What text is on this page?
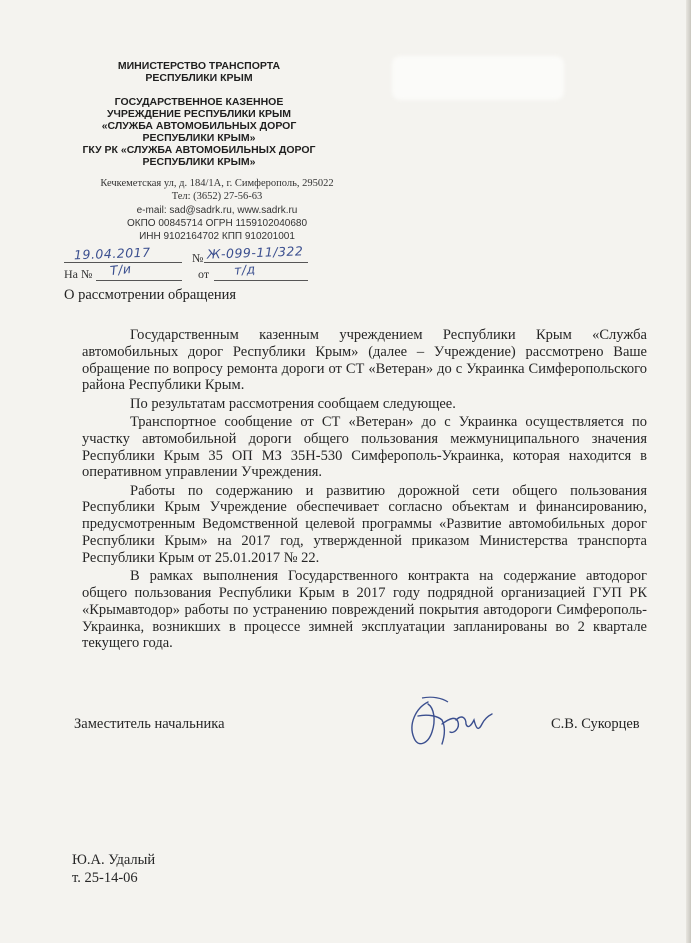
МИНИСТЕРСТВО ТРАНСПОРТА
РЕСПУБЛИКИ КРЫМ
ГОСУДАРСТВЕННОЕ КАЗЕННОЕ
УЧРЕЖДЕНИЕ РЕСПУБЛИКИ КРЫМ
«СЛУЖБА АВТОМОБИЛЬНЫХ ДОРОГ
РЕСПУБЛИКИ КРЫМ»
ГКУ РК «СЛУЖБА АВТОМОБИЛЬНЫХ ДОРОГ
РЕСПУБЛИКИ КРЫМ»
Кечкеметская ул, д. 184/1А, г. Симферополь, 295022
Тел: (3652) 27-56-63
e-mail: sad@sadrk.ru, www.sadrk.ru
ОКПО 00845714 ОГРН 1159102040680
ИНН 9102164702 КПП 910201001
19.04.2017	№ Ж-099-11/322
На № Т/и	от т/д
О рассмотрении обращения

Государственным казенным учреждением Республики Крым «Служба автомобильных дорог Республики Крым» (далее – Учреждение) рассмотрено Ваше обращение по вопросу ремонта дороги от СТ «Ветеран» до с Украинка Симферопольского района Республики Крым.

По результатам рассмотрения сообщаем следующее.

Транспортное сообщение от СТ «Ветеран» до с Украинка осуществляется по участку автомобильной дороги общего пользования межмуниципального значения Республики Крым 35 ОП МЗ 35Н-530 Симферополь-Украинка, которая находится в оперативном управлении Учреждения.

Работы по содержанию и развитию дорожной сети общего пользования Республики Крым Учреждение обеспечивает согласно объектам и финансированию, предусмотренным Ведомственной целевой программы «Развитие автомобильных дорог Республики Крым» на 2017 год, утвержденной приказом Министерства транспорта Республики Крым от 25.01.2017 № 22.

В рамках выполнения Государственного контракта на содержание автодорог общего пользования Республики Крым в 2017 году подрядной организацией ГУП РК «Крымавтодор» работы по устранению повреждений покрытия автодороги Симферополь-Украинка, возникших в процессе зимней эксплуатации запланированы во 2 квартале текущего года.

Заместитель начальника	С.В. Сукорцев
Ю.А. Удалый
т. 25-14-06
